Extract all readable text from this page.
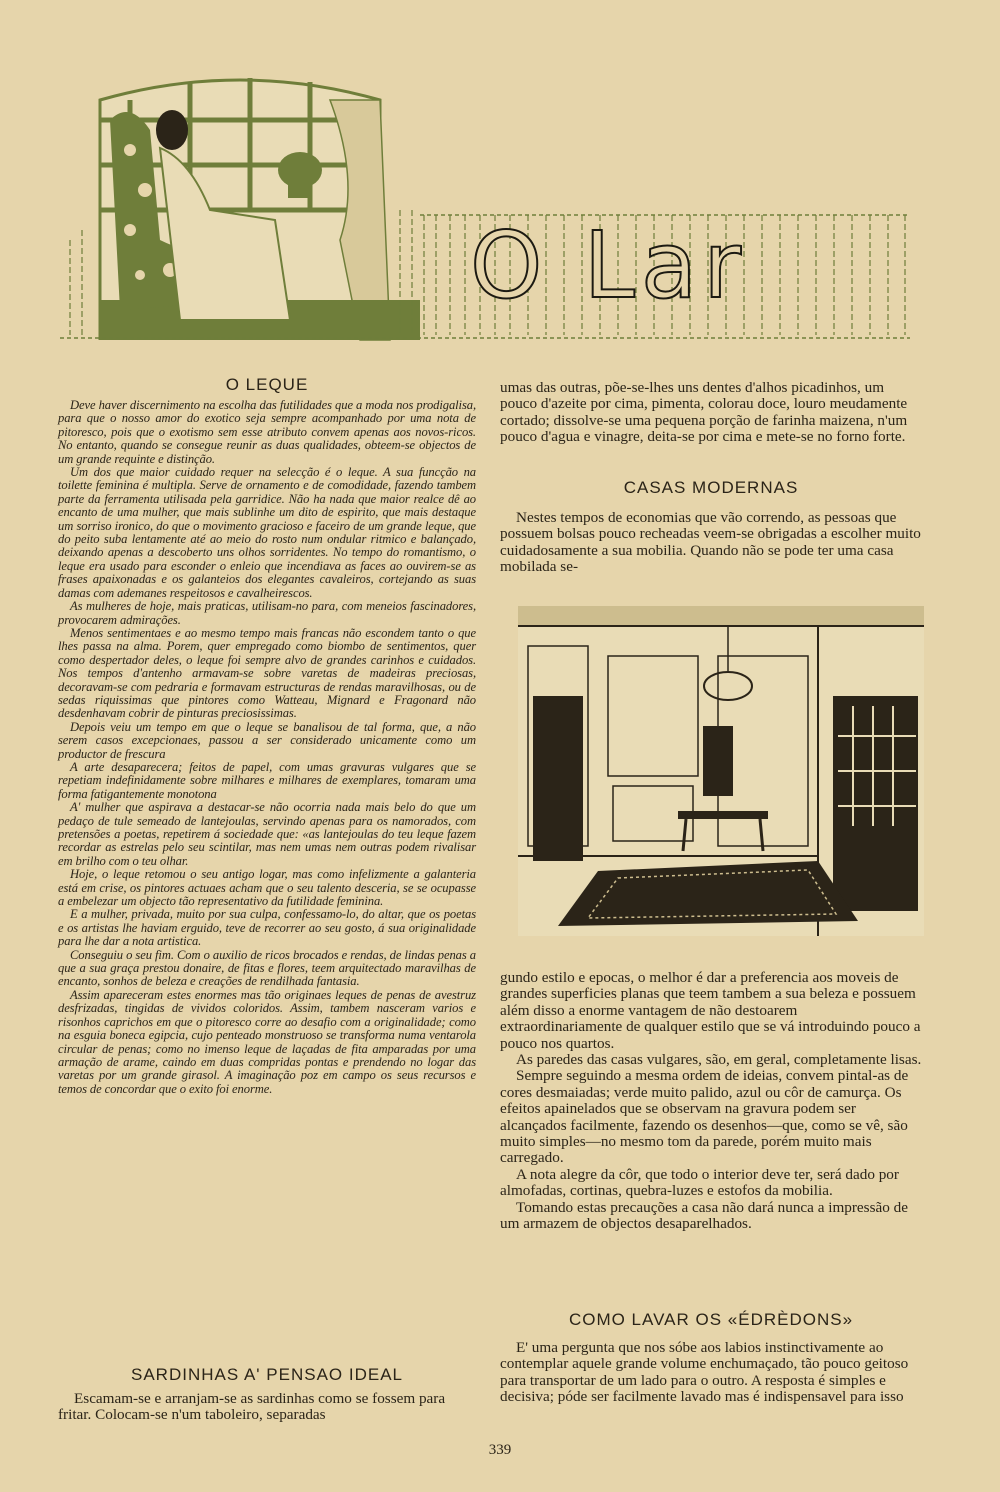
O Lar
O LEQUE

Deve haver discernimento na escolha das futilidades que a moda nos prodigalisa, para que o nosso amor do exotico seja sempre acompanhado por uma nota de pitoresco, pois que o exotismo sem esse atributo convem apenas aos novos-ricos. No entanto, quando se consegue reunir as duas qualidades, obteem-se objectos de um grande requinte e distinção.

Um dos que maior cuidado requer na selecção é o leque. A sua funcção na toilette feminina é multipla. Serve de ornamento e de comodidade, fazendo tambem parte da ferramenta utilisada pela garridice. Não ha nada que maior realce dê ao encanto de uma mulher, que mais sublinhe um dito de espirito, que mais destaque um sorriso ironico, do que o movimento gracioso e faceiro de um grande leque, que do peito suba lentamente até ao meio do rosto num ondular ritmico e balançado, deixando apenas a descoberto uns olhos sorridentes. No tempo do romantismo, o leque era usado para esconder o enleio que incendiava as faces ao ouvirem-se as frases apaixonadas e os galanteios dos elegantes cavaleiros, cortejando as suas damas com ademanes respeitosos e cavalheirescos.

As mulheres de hoje, mais praticas, utilisam-no para, com meneios fascinadores, provocarem admirações.

Menos sentimentaes e ao mesmo tempo mais francas não escondem tanto o que lhes passa na alma. Porem, quer empregado como biombo de sentimentos, quer como despertador deles, o leque foi sempre alvo de grandes carinhos e cuidados. Nos tempos d'antenho armavam-se sobre varetas de madeiras preciosas, decoravam-se com pedraria e formavam estructuras de rendas maravilhosas, ou de sedas riquissimas que pintores como Watteau, Mignard e Fragonard não desdenhavam cobrir de pinturas preciosissimas.

Depois veiu um tempo em que o leque se banalisou de tal forma, que, a não serem casos excepcionaes, passou a ser considerado unicamente como um productor de frescura

A arte desaparecera; feitos de papel, com umas gravuras vulgares que se repetiam indefinidamente sobre milhares e milhares de exemplares, tomaram uma forma fatigantemente monotona

A' mulher que aspirava a destacar-se não ocorria nada mais belo do que um pedaço de tule semeado de lantejoulas, servindo apenas para os namorados, com pretensões a poetas, repetirem á sociedade que: «as lantejoulas do teu leque fazem recordar as estrelas pelo seu scintilar, mas nem umas nem outras podem rivalisar em brilho com o teu olhar.

Hoje, o leque retomou o seu antigo logar, mas como infelizmente a galanteria está em crise, os pintores actuaes acham que o seu talento desceria, se se ocupasse a embelezar um objecto tão representativo da futilidade feminina.

E a mulher, privada, muito por sua culpa, confessamo-lo, do altar, que os poetas e os artistas lhe haviam erguido, teve de recorrer ao seu gosto, á sua originalidade para lhe dar a nota artistica.

Conseguiu o seu fim. Com o auxilio de ricos brocados e rendas, de lindas penas a que a sua graça prestou donaire, de fitas e flores, teem arquitectado maravilhas de encanto, sonhos de beleza e creações de rendilhada fantasia.

Assim apareceram estes enormes mas tão originaes leques de penas de avestruz desfrizadas, tingidas de vividos coloridos. Assim, tambem nasceram varios e risonhos caprichos em que o pitoresco corre ao desafio com a originalidade; como na esguia boneca egipcia, cujo penteado monstruoso se transforma numa ventarola circular de penas; como no imenso leque de laçadas de fita amparadas por uma armação de arame, caindo em duas compridas pontas e prendendo no logar das varetas por um grande girasol. A imaginação poz em campo os seus recursos e temos de concordar que o exito foi enorme.

SARDINHAS A' PENSAO IDEAL

Escamam-se e arranjam-se as sardinhas como se fossem para fritar. Colocam-se n'um taboleiro, separadas

umas das outras, põe-se-lhes uns dentes d'alhos picadinhos, um pouco d'azeite por cima, pimenta, colorau doce, louro meudamente cortado; dissolve-se uma pequena porção de farinha maizena, n'um pouco d'agua e vinagre, deita-se por cima e mete-se no forno forte.

CASAS MODERNAS

Nestes tempos de economias que vão correndo, as pessoas que possuem bolsas pouco recheadas veem-se obrigadas a escolher muito cuidadosamente a sua mobilia. Quando não se pode ter uma casa mobilada se-

gundo estilo e epocas, o melhor é dar a preferencia aos moveis de grandes superficies planas que teem tambem a sua beleza e possuem além disso a enorme vantagem de não destoarem extraordinariamente de qualquer estilo que se vá introduindo pouco a pouco nos quartos.

As paredes das casas vulgares, são, em geral, completamente lisas.

Sempre seguindo a mesma ordem de ideias, convem pintal-as de cores desmaiadas; verde muito palido, azul ou côr de camurça. Os efeitos apainelados que se observam na gravura podem ser alcançados facilmente, fazendo os desenhos—que, como se vê, são muito simples—no mesmo tom da parede, porém muito mais carregado.

A nota alegre da côr, que todo o interior deve ter, será dado por almofadas, cortinas, quebra-luzes e estofos da mobilia.

Tomando estas precauções a casa não dará nunca a impressão de um armazem de objectos desaparelhados.

COMO LAVAR OS «ÉDRÈDONS»

E' uma pergunta que nos sóbe aos labios instinctivamente ao contemplar aquele grande volume enchumaçado, tão pouco geitoso para transportar de um lado para o outro. A resposta é simples e decisiva; póde ser facilmente lavado mas é indispensavel para isso

339
